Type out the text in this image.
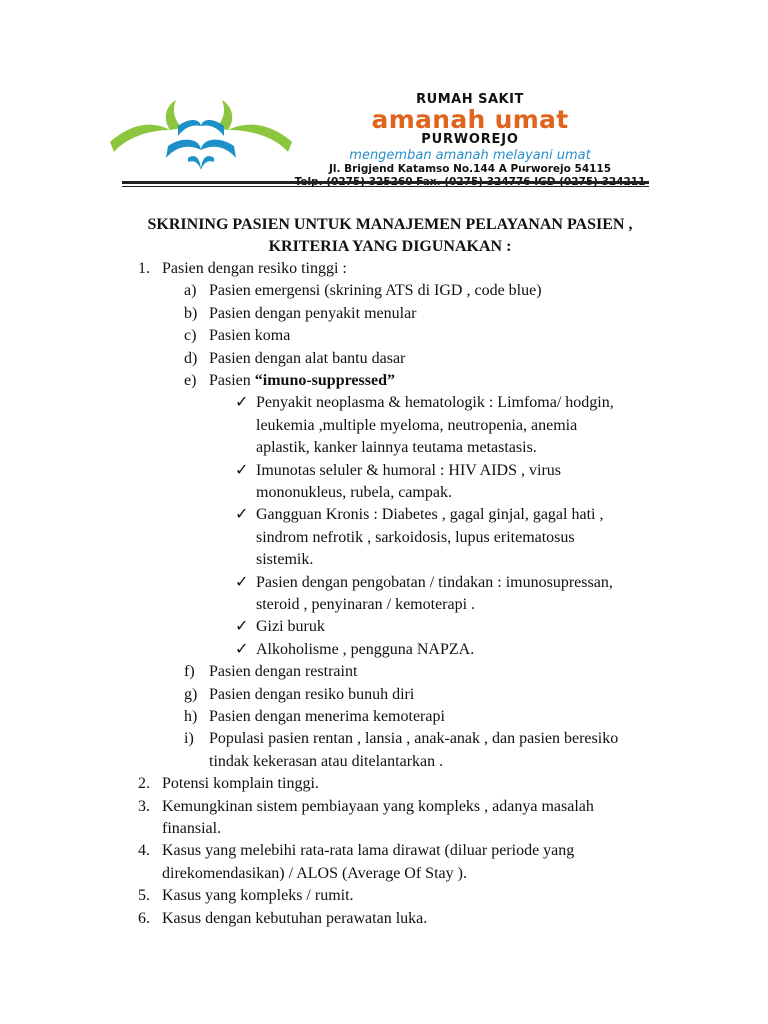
RUMAH SAKIT
amanah umat
PURWOREJO
mengemban amanah melayani umat
Jl. Brigjend Katamso No.144 A Purworejo 54115
SKRINING PASIEN UNTUK MANAJEMEN PELAYANAN PASIEN ,
KRITERIA YANG DIGUNAKAN :
1. Pasien dengan resiko tinggi :
a) Pasien emergensi (skrining ATS di IGD , code blue)
b) Pasien dengan penyakit menular
c) Pasien koma
d) Pasien dengan alat bantu dasar
e) Pasien “imuno-suppressed”
✓ Penyakit neoplasma & hematologik : Limfoma/ hodgin,
leukemia ,multiple myeloma, neutropenia, anemia
aplastik, kanker lainnya teutama metastasis.
✓ Imunotas seluler & humoral : HIV AIDS , virus
mononukleus, rubela, campak.
✓ Gangguan Kronis : Diabetes , gagal ginjal, gagal hati ,
sindrom nefrotik , sarkoidosis, lupus eritematosus
sistemik.
✓ Pasien dengan pengobatan / tindakan : imunosupressan,
steroid , penyinaran / kemoterapi .
✓ Gizi buruk
✓ Alkoholisme , pengguna NAPZA.
f) Pasien dengan restraint
g) Pasien dengan resiko bunuh diri
h) Pasien dengan menerima kemoterapi
i) Populasi pasien rentan , lansia , anak-anak , dan pasien beresiko
tindak kekerasan atau ditelantarkan .
2. Potensi komplain tinggi.
3. Kemungkinan sistem pembiayaan yang kompleks , adanya masalah
finansial.
4. Kasus yang melebihi rata-rata lama dirawat (diluar periode yang
direkomendasikan) / ALOS (Average Of Stay ).
5. Kasus yang kompleks / rumit.
6. Kasus dengan kebutuhan perawatan luka.
